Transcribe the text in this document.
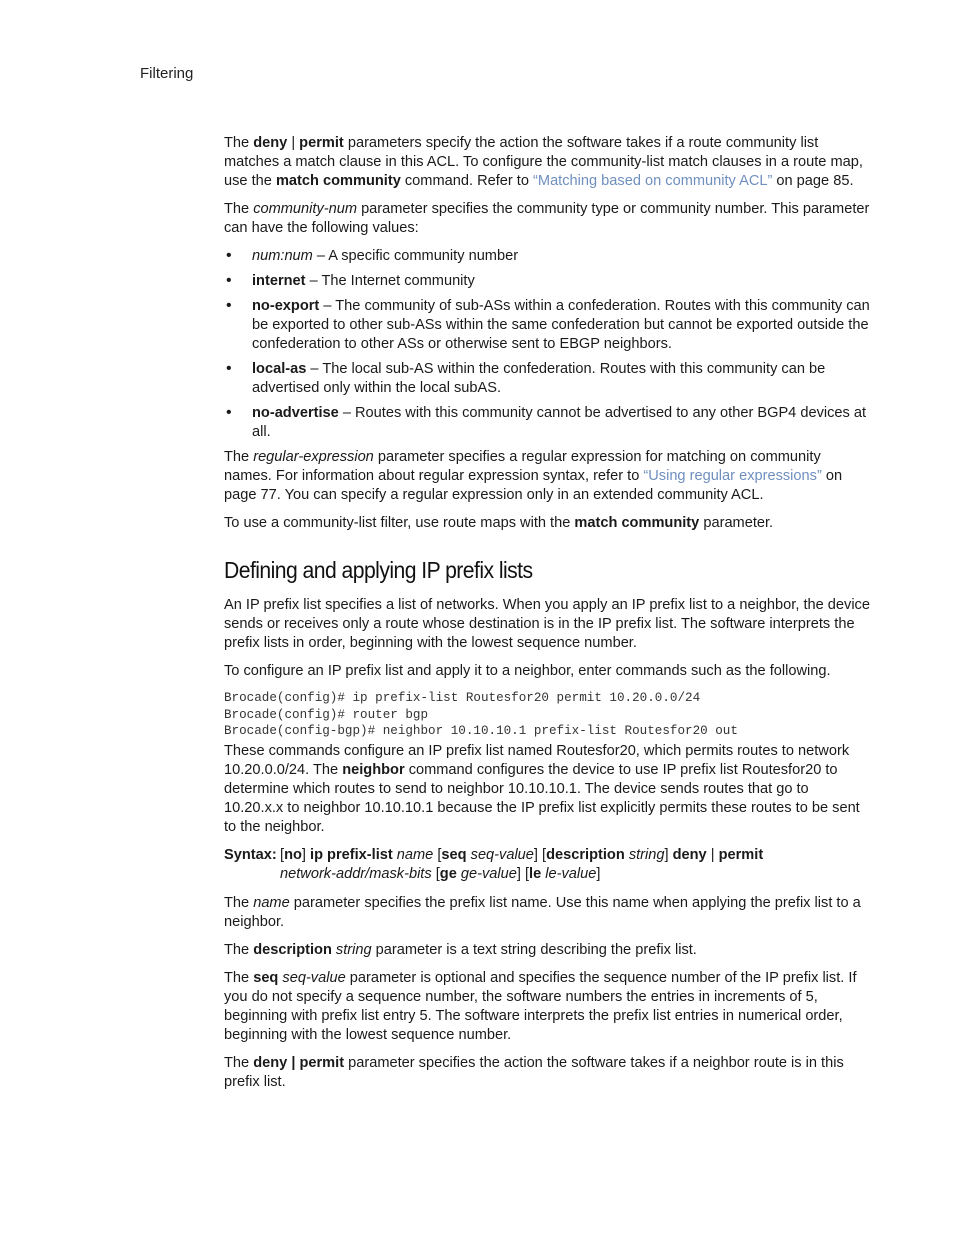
Filtering

The deny | permit parameters specify the action the software takes if a route community list matches a match clause in this ACL. To configure the community-list match clauses in a route map, use the match community command. Refer to “Matching based on community ACL” on page 85.

The community-num parameter specifies the community type or community number. This parameter can have the following values:

• num:num – A specific community number
• internet – The Internet community
• no-export – The community of sub-ASs within a confederation. Routes with this community can be exported to other sub-ASs within the same confederation but cannot be exported outside the confederation to other ASs or otherwise sent to EBGP neighbors.
• local-as – The local sub-AS within the confederation. Routes with this community can be advertised only within the local subAS.
• no-advertise – Routes with this community cannot be advertised to any other BGP4 devices at all.

The regular-expression parameter specifies a regular expression for matching on community names. For information about regular expression syntax, refer to “Using regular expressions” on page 77. You can specify a regular expression only in an extended community ACL.

To use a community-list filter, use route maps with the match community parameter.

Defining and applying IP prefix lists

An IP prefix list specifies a list of networks. When you apply an IP prefix list to a neighbor, the device sends or receives only a route whose destination is in the IP prefix list. The software interprets the prefix lists in order, beginning with the lowest sequence number.

To configure an IP prefix list and apply it to a neighbor, enter commands such as the following.

Brocade(config)# ip prefix-list Routesfor20 permit 10.20.0.0/24
Brocade(config)# router bgp
Brocade(config-bgp)# neighbor 10.10.10.1 prefix-list Routesfor20 out

These commands configure an IP prefix list named Routesfor20, which permits routes to network 10.20.0.0/24. The neighbor command configures the device to use IP prefix list Routesfor20 to determine which routes to send to neighbor 10.10.10.1. The device sends routes that go to 10.20.x.x to neighbor 10.10.10.1 because the IP prefix list explicitly permits these routes to be sent to the neighbor.

Syntax: [no] ip prefix-list name [seq seq-value] [description string] deny | permit
network-addr/mask-bits [ge ge-value] [le le-value]

The name parameter specifies the prefix list name. Use this name when applying the prefix list to a neighbor.

The description string parameter is a text string describing the prefix list.

The seq seq-value parameter is optional and specifies the sequence number of the IP prefix list. If you do not specify a sequence number, the software numbers the entries in increments of 5, beginning with prefix list entry 5. The software interprets the prefix list entries in numerical order, beginning with the lowest sequence number.

The deny | permit parameter specifies the action the software takes if a neighbor route is in this prefix list.
